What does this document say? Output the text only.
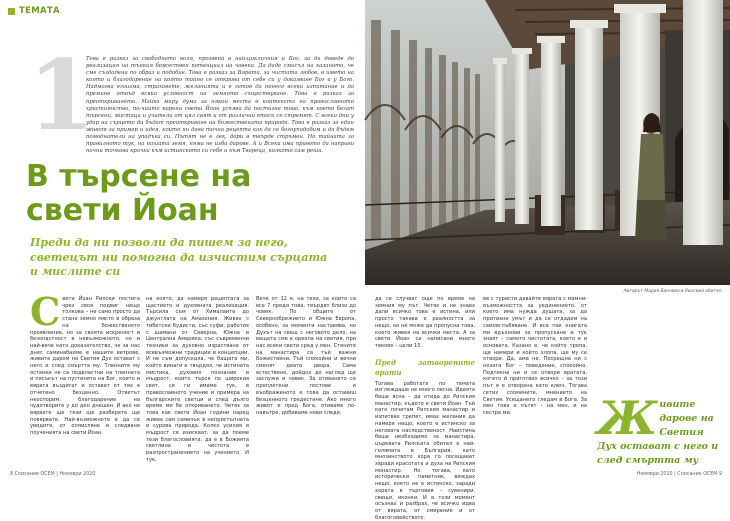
ТЕМАТА
1

Това е разказ за свободната воля, прозвена в най-цикличния и Бог, за да доведе до реализация на тънкия божествен потенциал на човека. Да даде смисъл на казаното, че сме създадени по образ и подобие. Това е разказ за Вярата, за чистата любов, в името на която и благодарение на която тайно се открива от себе си у доказване Бог и у Бого. Надмогва егоизма, страховете, желанията и е готов да понесе всеки изпитание и да премине отвъд всяка условност на земното съществуване. Това е разказ за преоткриването. Майка миру дума за някои места в контекста на православното християнство, по-чиито корени свети Йоан успява да постигне това, към което бегат търсени, мистици и учители от цял свят и от различни етоси се стремят. С всеки дни у удар на сърцето да бъдат преоткриване на божествената природа. Това е разказ за един живот за пример и идея, който ни дава точна рецепта как да се богоуподобим и да бъдем помоднатели на упадъка си. Пътят не е лек, дори в твърде стръмен. Но тайната за правилното тук, на нашата земя, няма не изба дарове. А и Всеки има правото да направи почни точкова крачки към истинското си себе и към Твореца, колкото сам реши.

В търсене на свети Йоан
Преди да ни позволи да пишем за него, светецът ни помогна да изчистим сърцата и мислите си
С вети Йоан Рилски постига чрез своя подвиг нещо толкова – не само просто да стане земно място в образа на божественото проявление, но за своята искреност и безопастност в невъзможното, но и най-вече като доказателство, че за нас днес саминабахме в нашите ветрове, живите даром на Светия Дух остават с него и след смъртта му. Тленните му останки не са подвластни на тленната и пясъкът на пустинята на Бог, които и вярата въздигат и остават от тях е отчетено безценно. Ответът неоспорим, благодарение на чудотворите у до ден днешен. И ако не вярвате ще тези ще разберете ще повярвате. Най-възможното е да се увидите, от осмисляне и следване поученията на свети Йоан.

на която, да намеря рецептата за щастието и духовната реализация. Търсила съм от Хималаите до джунглата на Амазония. Живях с тибетски будисти, със суфи, работих с шамани от Северна, Южна и Централна Америка, със съвременни техники за духовно израстване от всевъзможни традиции и концепции. И не съм допускала, че бащата ми, който винаги е твърдял, че истината мистика, духовно познание и мъдрост, които търся по широкия свят, си ги имаме тук, в православното учение и примера на българските светци и след дълго време ми бе откриването. Четях за това как свети Йоан години наред живее сам самичък в непристъпната и сурова природа. Колко усилия и мъдрост се изискват, за да поеме тези благословията, да е в Божията светлина и чистота в разпространението на учението. И тук.

Вече от 12 е. на тези, за които са все 7 преди това, твърдят близо до човек. По общите от Севернобрежието и Южна Европа, особено, за моменти наставява, но Духът на свещ с неговото дело, на вещата сме в ореола на светия, при нас всеки свети сред у мен. Стените на манастира са тъй важни Божествени. Тъй спокойни и вечни сменят двата двора. Сама естествено, дойдох до наглед ще заслужи и човек. За отиването се преплетени постове и въображеното е това да оставиш безценното гредестине. Ако много живот е пред Бога, отиваме по-навътре, добиваме нови следи.

8 Списание ОСЕМ | Ноември 2020

Авторът Мария Бончева в Рилския обител.

да се случват още по време на земния му път. Четях и не знаех дали всичко това е истина, или просто такава е реалността за нещо, но не може да пропусна това, което живея на всички места. А за свети Йоан са написани много текове – цели 15.

Пред затворените врати

Тогава работата по темата изглеждаше не много лесна. Идеята беше ясна – да отида до Рилския манастир, където е свети Йоан. Тъй като почитам Рилския манастир и изпитвах трепет, имах желание да намеря нещо, което е истинско за неговата наследственост. Наистина беше необходимо за манастира, църквата Рилската обител е най-голямата в България, като мнозинството хора го посещават заради красотата и духа на Рилския монастир. Но тогава, като исторически паметник, виждах нещо, което не е истинско, заради хората в търговия – сувенири, свещи, иконки. И в този момент осъзнах и разбрах, че всичко идва от вярата, от смирение и от благоговейството.

ве с туристи давайте вярата с мамни-възможността за уединението, от което има нужда душата, за да притихне умът и да се отдадем на самовглъбяване. И все пак книгата ми вдъхнови за пропускане и тук знаят – самото чистотата, което е и основата. Казано е, че който тропа, ще намери и който хлопа, ще му се отвори. Да, ама не. Посрещна ни с нозата Бог – поведение, спокойно. Подтикна ни и се отвори вратата, когато й приготвих всичко – за този път я е отворена като ключ. Тогава сетих спомените, мнението на Светия. Усещането гледам в Бога. За мен това е пътят – на мен, и на сестра ми.	Ж ивите дарове на Светия Дух остават с него и след смъртта му
Ноември 2020 | Списание ОСЕМ 9
